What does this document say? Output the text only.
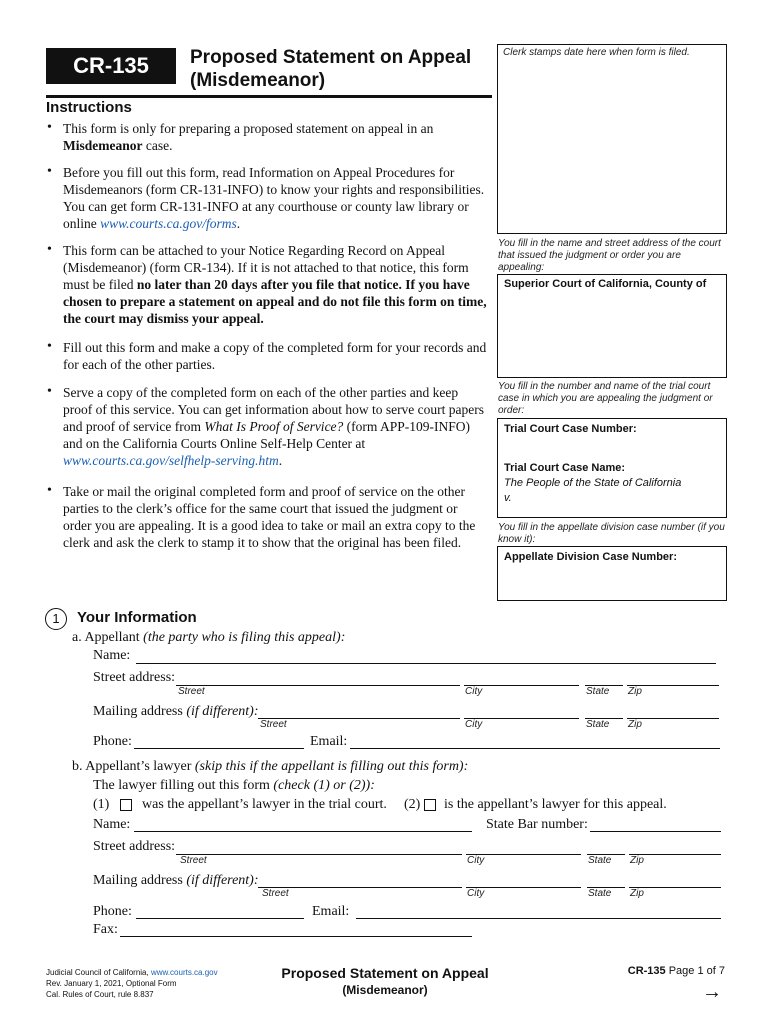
CR-135	Proposed Statement on Appeal
(Misdemeanor)
Clerk stamps date here when form is filed.
Instructions
• This form is only for preparing a proposed statement on appeal in an Misdemeanor case.
• Before you fill out this form, read Information on Appeal Procedures for Misdemeanors (form CR-131-INFO) to know your rights and responsibilities. You can get form CR-131-INFO at any courthouse or county law library or online www.courts.ca.gov/forms.
• This form can be attached to your Notice Regarding Record on Appeal (Misdemeanor) (form CR-134). If it is not attached to that notice, this form must be filed no later than 20 days after you file that notice. If you have chosen to prepare a statement on appeal and do not file this form on time, the court may dismiss your appeal.
• Fill out this form and make a copy of the completed form for your records and for each of the other parties.
• Serve a copy of the completed form on each of the other parties and keep proof of this service. You can get information about how to serve court papers and proof of service from What Is Proof of Service? (form APP-109-INFO) and on the California Courts Online Self-Help Center at www.courts.ca.gov/selfhelp-serving.htm.
• Take or mail the original completed form and proof of service on the other parties to the clerk’s office for the same court that issued the judgment or order you are appealing. It is a good idea to take or mail an extra copy to the clerk and ask the clerk to stamp it to show that the original has been filed.
You fill in the name and street address of the court that issued the judgment or order you are appealing:
Superior Court of California, County of
You fill in the number and name of the trial court case in which you are appealing the judgment or order:
Trial Court Case Number:
Trial Court Case Name:
The People of the State of California
v.
You fill in the appellate division case number (if you know it):
Appellate Division Case Number:
1	Your Information
a. Appellant (the party who is filing this appeal):
Name:
Street address:
Street	City	State Zip
Mailing address (if different):
Street	City	State Zip
Phone:	Email:
b. Appellant’s lawyer (skip this if the appellant is filling out this form):
The lawyer filling out this form (check (1) or (2)):
(1) was the appellant’s lawyer in the trial court. (2) is the appellant’s lawyer for this appeal.
Name:	State Bar number:
Street address:
Street	City	State Zip
Mailing address (if different):
Street	City	State Zip
Phone:	Email:
Fax:
Judicial Council of California, www.courts.ca.gov
Rev. January 1, 2021, Optional Form
Cal. Rules of Court, rule 8.837
Proposed Statement on Appeal
(Misdemeanor)
CR-135 Page 1 of 7
→
